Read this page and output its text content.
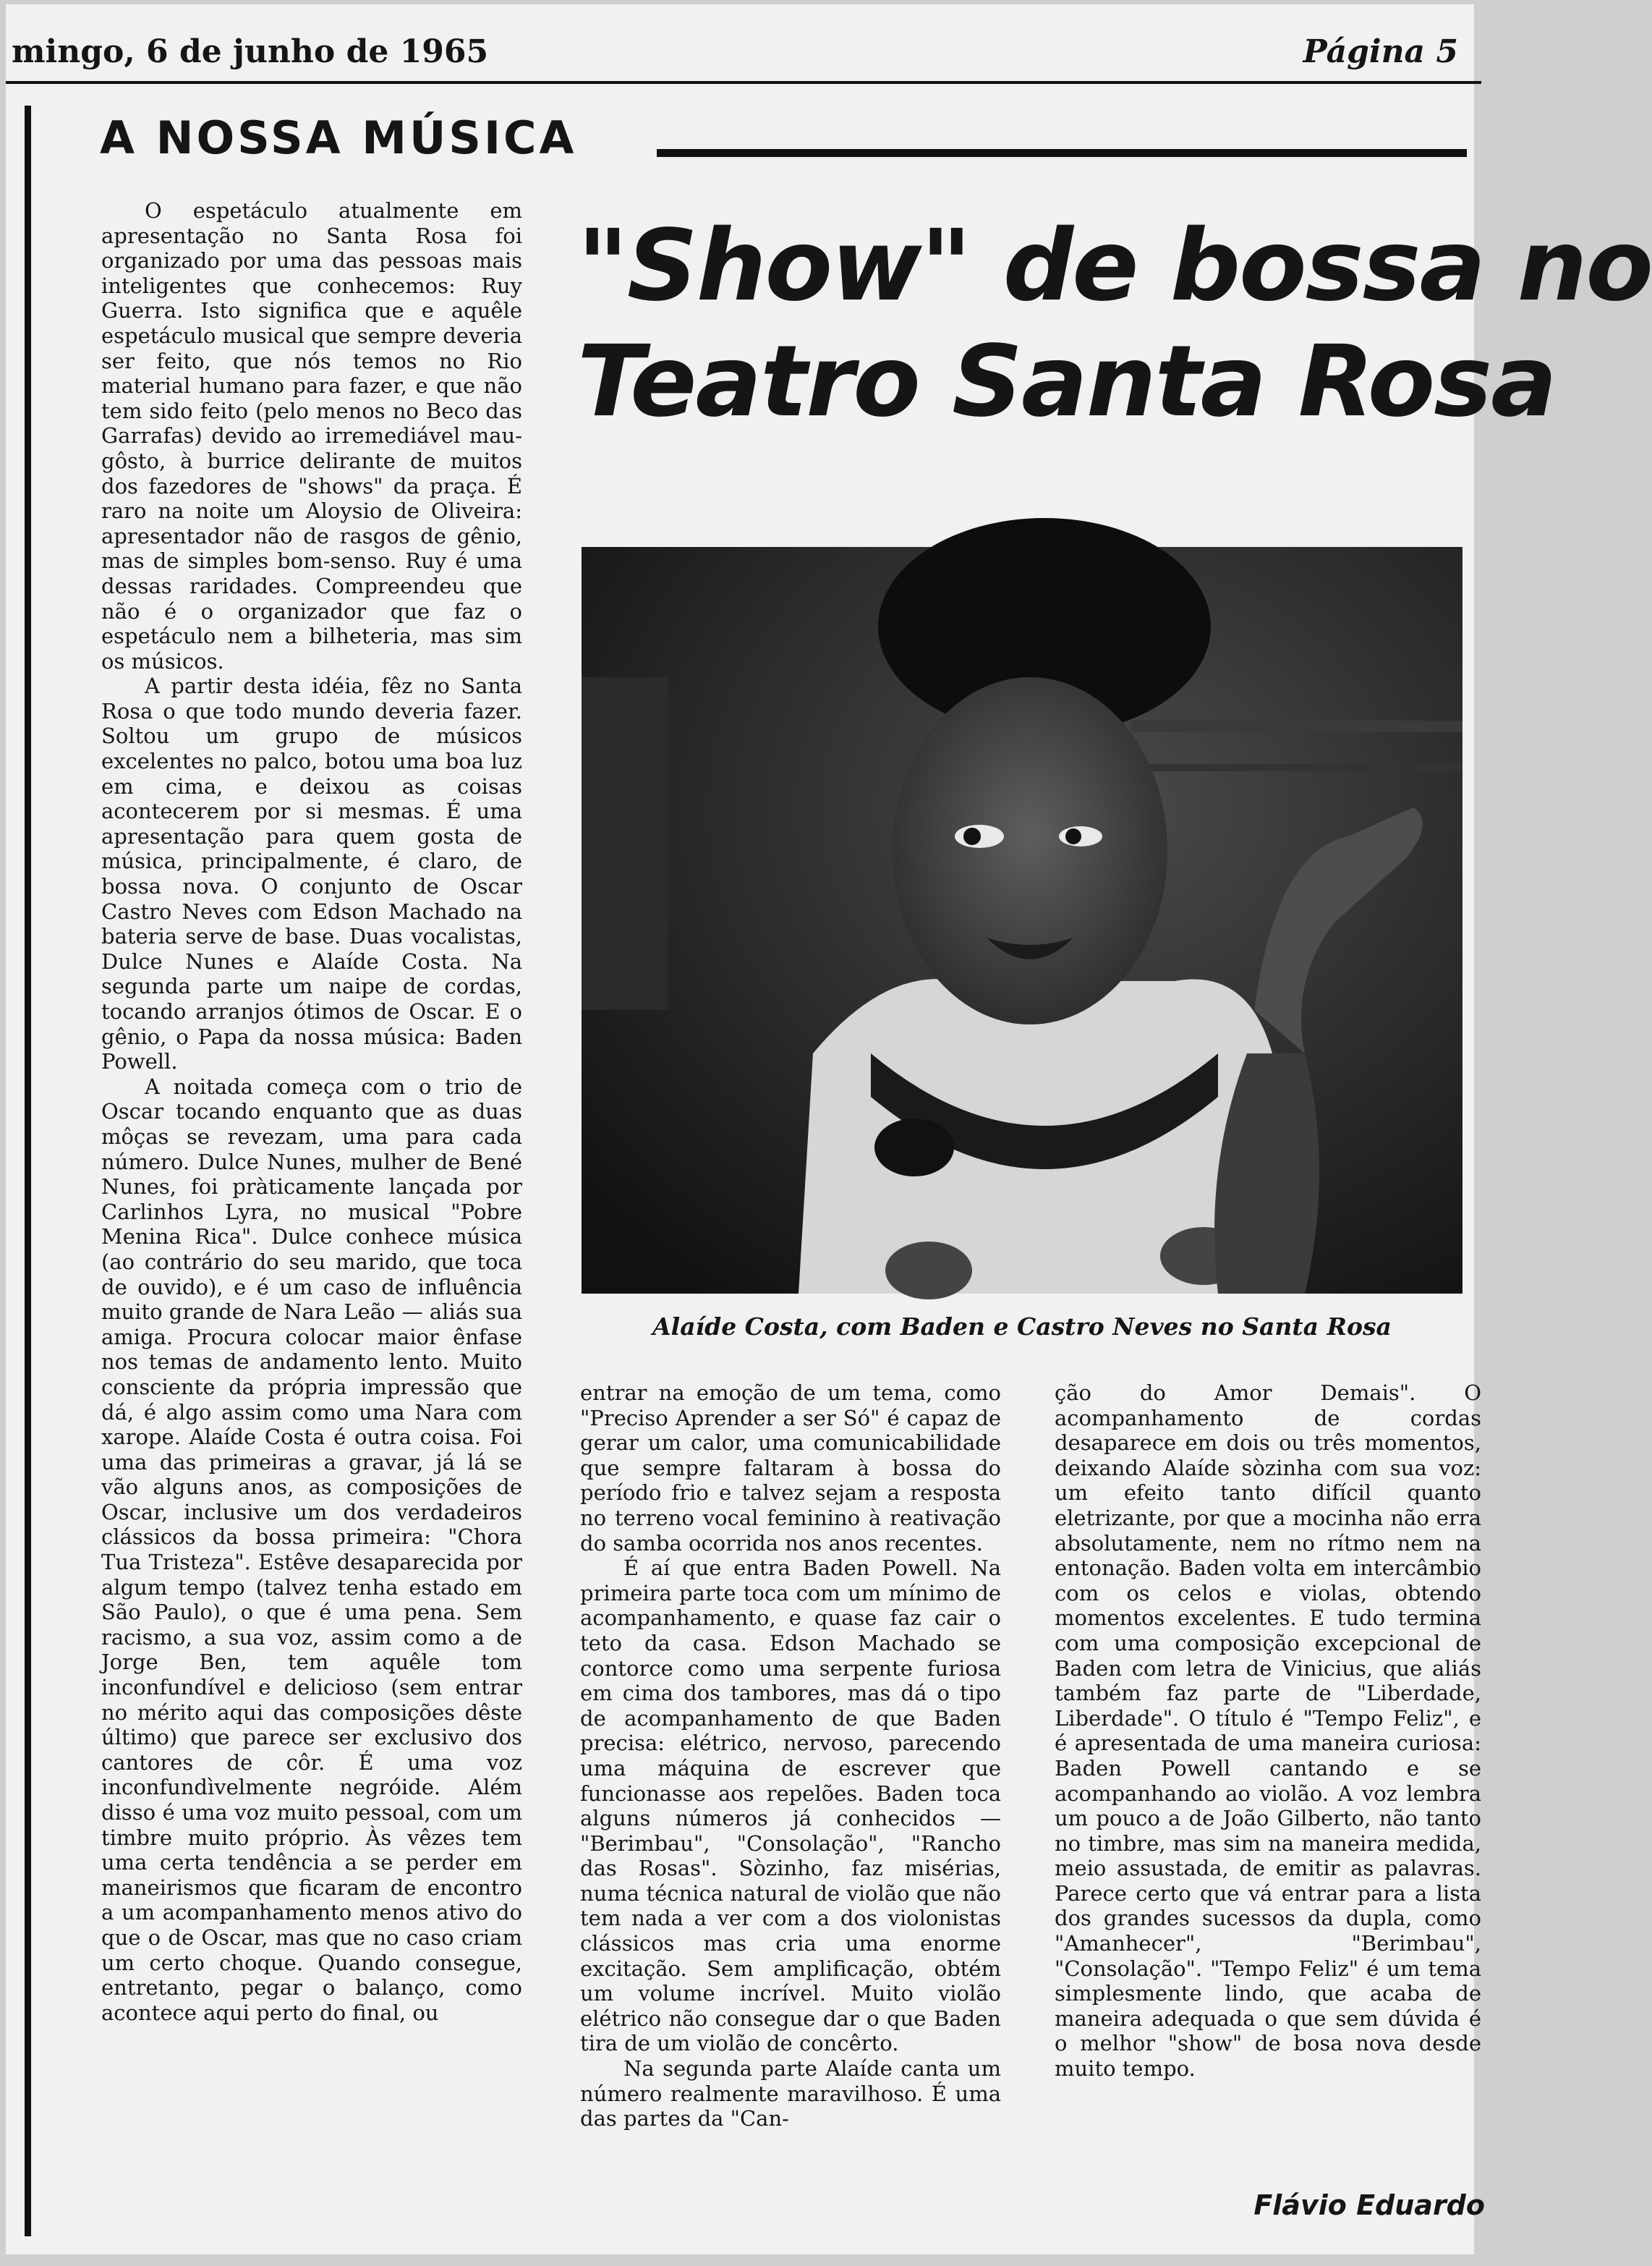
mingo, 6 de junho de 1965	Página 5
A NOSSA MÚSICA
"Show" de bossa no
Teatro Santa Rosa
Alaíde Costa, com Baden e Castro Neves no Santa Rosa

O espetáculo atualmente em apresentação no Santa Rosa foi organizado por uma das pessoas mais inteligentes que conhecemos: Ruy Guerra. Isto significa que e aquêle espetáculo musical que sempre deveria ser feito, que nós temos no Rio material humano para fazer, e que não tem sido feito (pelo menos no Beco das Garrafas) devido ao irremediável mau-gôsto, à burrice delirante de muitos dos fazedores de "shows" da praça. É raro na noite um Aloysio de Oliveira: apresentador não de rasgos de gênio, mas de simples bom-senso. Ruy é uma dessas raridades. Compreendeu que não é o organizador que faz o espetáculo nem a bilheteria, mas sim os músicos.

A partir desta idéia, fêz no Santa Rosa o que todo mundo deveria fazer. Soltou um grupo de músicos excelentes no palco, botou uma boa luz em cima, e deixou as coisas acontecerem por si mesmas. É uma apresentação para quem gosta de música, principalmente, é claro, de bossa nova. O conjunto de Oscar Castro Neves com Edson Machado na bateria serve de base. Duas vocalistas, Dulce Nunes e Alaíde Costa. Na segunda parte um naipe de cordas, tocando arranjos ótimos de Oscar. E o gênio, o Papa da nossa música: Baden Powell.

A noitada começa com o trio de Oscar tocando enquanto que as duas môças se revezam, uma para cada número. Dulce Nunes, mulher de Bené Nunes, foi pràticamente lançada por Carlinhos Lyra, no musical "Pobre Menina Rica". Dulce conhece música (ao contrário do seu marido, que toca de ouvido), e é um caso de influência muito grande de Nara Leão — aliás sua amiga. Procura colocar maior ênfase nos temas de andamento lento. Muito consciente da própria impressão que dá, é algo assim como uma Nara com xarope. Alaíde Costa é outra coisa. Foi uma das primeiras a gravar, já lá se vão alguns anos, as composições de Oscar, inclusive um dos verdadeiros clássicos da bossa primeira: "Chora Tua Tristeza". Estêve desaparecida por algum tempo (talvez tenha estado em São Paulo), o que é uma pena. Sem racismo, a sua voz, assim como a de Jorge Ben, tem aquêle tom inconfundível e delicioso (sem entrar no mérito aqui das composições dêste último) que parece ser exclusivo dos cantores de côr. É uma voz inconfundìvelmente negróide. Além disso é uma voz muito pessoal, com um timbre muito próprio. Às vêzes tem uma certa tendência a se perder em maneirismos que ficaram de encontro a um acompanhamento menos ativo do que o de Oscar, mas que no caso criam um certo choque. Quando consegue, entretanto, pegar o balanço, como acontece aqui perto do final, ou

entrar na emoção de um tema, como "Preciso Aprender a ser Só" é capaz de gerar um calor, uma comunicabilidade que sempre faltaram à bossa do período frio e talvez sejam a resposta no terreno vocal feminino à reativação do samba ocorrida nos anos recentes.

É aí que entra Baden Powell. Na primeira parte toca com um mínimo de acompanhamento, e quase faz cair o teto da casa. Edson Machado se contorce como uma serpente furiosa em cima dos tambores, mas dá o tipo de acompanhamento de que Baden precisa: elétrico, nervoso, parecendo uma máquina de escrever que funcionasse aos repelões. Baden toca alguns números já conhecidos — "Berimbau", "Consolação", "Rancho das Rosas". Sòzinho, faz misérias, numa técnica natural de violão que não tem nada a ver com a dos violonistas clássicos mas cria uma enorme excitação. Sem amplificação, obtém um volume incrível. Muito violão elétrico não consegue dar o que Baden tira de um violão de concêrto.

Na segunda parte Alaíde canta um número realmente maravilhoso. É uma das partes da "Can-

ção do Amor Demais". O acompanhamento de cordas desaparece em dois ou três momentos, deixando Alaíde sòzinha com sua voz: um efeito tanto difícil quanto eletrizante, por que a mocinha não erra absolutamente, nem no rítmo nem na entonação. Baden volta em intercâmbio com os celos e violas, obtendo momentos excelentes. E tudo termina com uma composição excepcional de Baden com letra de Vinicius, que aliás também faz parte de "Liberdade, Liberdade". O título é "Tempo Feliz", e é apresentada de uma maneira curiosa: Baden Powell cantando e se acompanhando ao violão. A voz lembra um pouco a de João Gilberto, não tanto no timbre, mas sim na maneira medida, meio assustada, de emitir as palavras. Parece certo que vá entrar para a lista dos grandes sucessos da dupla, como "Amanhecer", "Berimbau", "Consolação". "Tempo Feliz" é um tema simplesmente lindo, que acaba de maneira adequada o que sem dúvida é o melhor "show" de bosa nova desde muito tempo.

Flávio Eduardo
